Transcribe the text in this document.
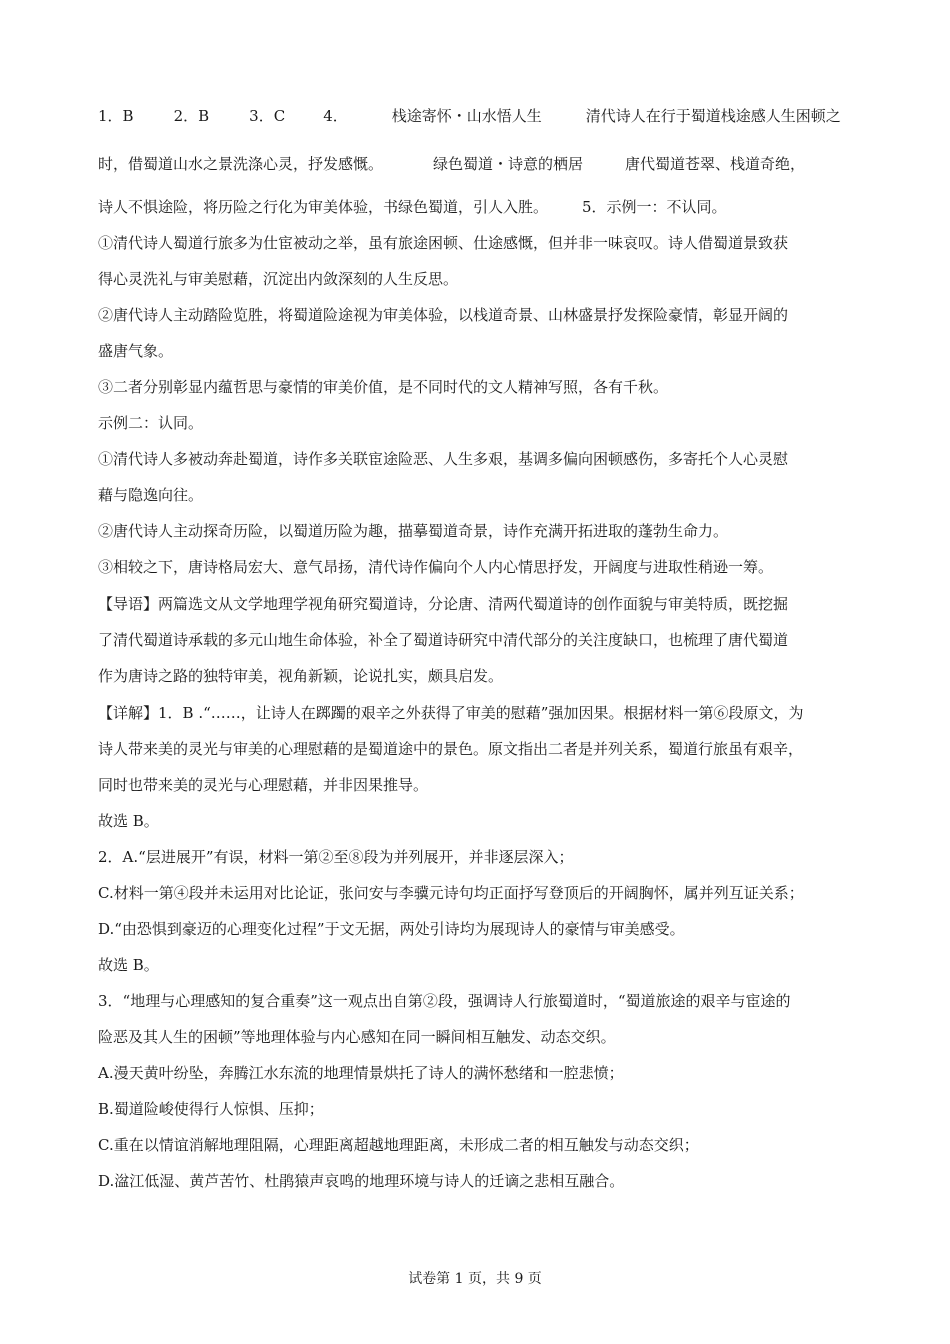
1．B	2．B	3．C	4．	栈途寄怀・山水悟人生	清代诗人在行于蜀道栈途感人生困顿之
时，借蜀道山水之景洗涤心灵，抒发感慨。	绿色蜀道・诗意的栖居	唐代蜀道苍翠、栈道奇绝，
诗人不惧途险，将历险之行化为审美体验，书绿色蜀道，引人入胜。 5．示例一：不认同。
①清代诗人蜀道行旅多为仕宦被动之举，虽有旅途困顿、仕途感慨，但并非一味哀叹。诗人借蜀道景致获
得心灵洗礼与审美慰藉，沉淀出内敛深刻的人生反思。
②唐代诗人主动踏险览胜，将蜀道险途视为审美体验，以栈道奇景、山林盛景抒发探险豪情，彰显开阔的
盛唐气象。
③二者分别彰显内蕴哲思与豪情的审美价值，是不同时代的文人精神写照，各有千秋。
示例二：认同。
①清代诗人多被动奔赴蜀道，诗作多关联宦途险恶、人生多艰，基调多偏向困顿感伤，多寄托个人心灵慰
藉与隐逸向往。
②唐代诗人主动探奇历险，以蜀道历险为趣，描摹蜀道奇景，诗作充满开拓进取的蓬勃生命力。
③相较之下，唐诗格局宏大、意气昂扬，清代诗作偏向个人内心情思抒发，开阔度与进取性稍逊一筹。
【导语】两篇选文从文学地理学视角研究蜀道诗，分论唐、清两代蜀道诗的创作面貌与审美特质，既挖掘
了清代蜀道诗承载的多元山地生命体验，补全了蜀道诗研究中清代部分的关注度缺口，也梳理了唐代蜀道
作为唐诗之路的独特审美，视角新颖，论说扎实，颇具启发。
【详解】1．B .“……，让诗人在踯躅的艰辛之外获得了审美的慰藉”强加因果。根据材料一第⑥段原文，为
诗人带来美的灵光与审美的心理慰藉的是蜀道途中的景色。原文指出二者是并列关系，蜀道行旅虽有艰辛，
同时也带来美的灵光与心理慰藉，并非因果推导。
故选 B。
2．A.“层进展开”有误，材料一第②至⑧段为并列展开，并非逐层深入；
C.材料一第④段并未运用对比论证，张问安与李骥元诗句均正面抒写登顶后的开阔胸怀，属并列互证关系；
D.“由恐惧到豪迈的心理变化过程”于文无据，两处引诗均为展现诗人的豪情与审美感受。
故选 B。
3．“地理与心理感知的复合重奏”这一观点出自第②段，强调诗人行旅蜀道时，“蜀道旅途的艰辛与宦途的
险恶及其人生的困顿”等地理体验与内心感知在同一瞬间相互触发、动态交织。
A.漫天黄叶纷坠，奔腾江水东流的地理情景烘托了诗人的满怀愁绪和一腔悲愤；
B.蜀道险峻使得行人惊惧、压抑；
C.重在以情谊消解地理阻隔，心理距离超越地理距离，未形成二者的相互触发与动态交织；
D.湓江低湿、黄芦苦竹、杜鹃猿声哀鸣的地理环境与诗人的迁谪之悲相互融合。
试卷第 1 页，共 9 页
